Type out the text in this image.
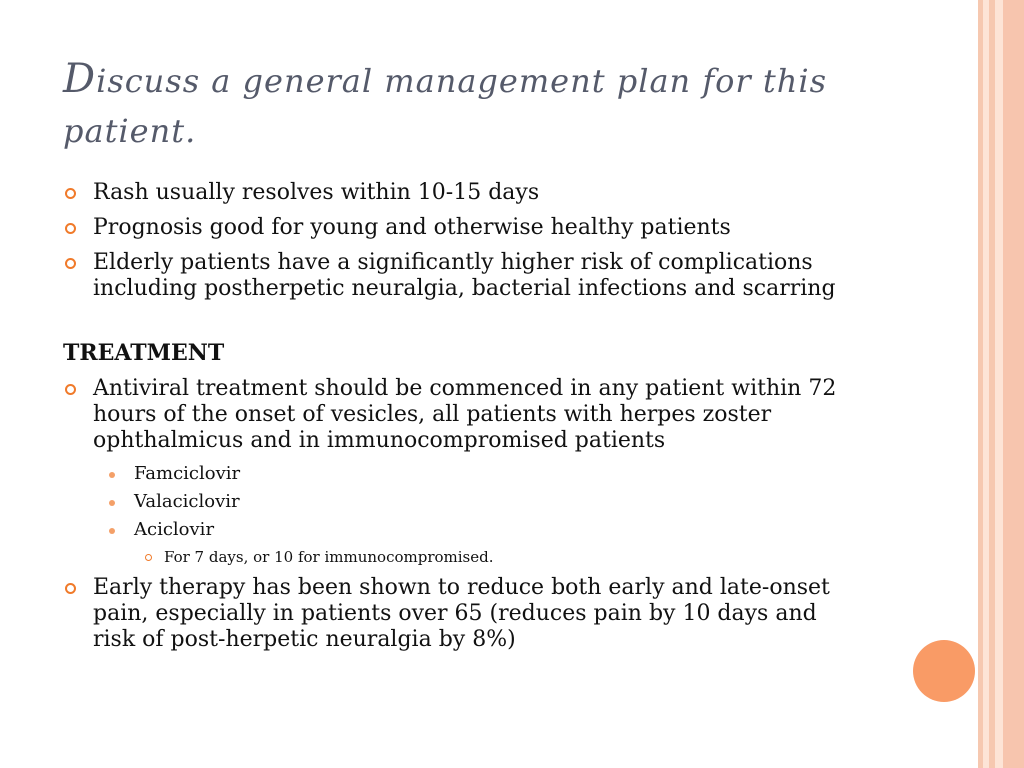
Discuss a general management plan for this patient.
Rash usually resolves within 10-15 days
Prognosis good for young and otherwise healthy patients
Elderly patients have a significantly higher risk of complications including postherpetic neuralgia, bacterial infections and scarring
TREATMENT
Antiviral treatment should be commenced in any patient within 72 hours of the onset of vesicles, all patients with herpes zoster ophthalmicus and in immunocompromised patients
Famciclovir
Valaciclovir
Aciclovir
For 7 days, or 10 for immunocompromised.
Early therapy has been shown to reduce both early and late-onset pain, especially in patients over 65 (reduces pain by 10 days and risk of post-herpetic neuralgia by 8%)
